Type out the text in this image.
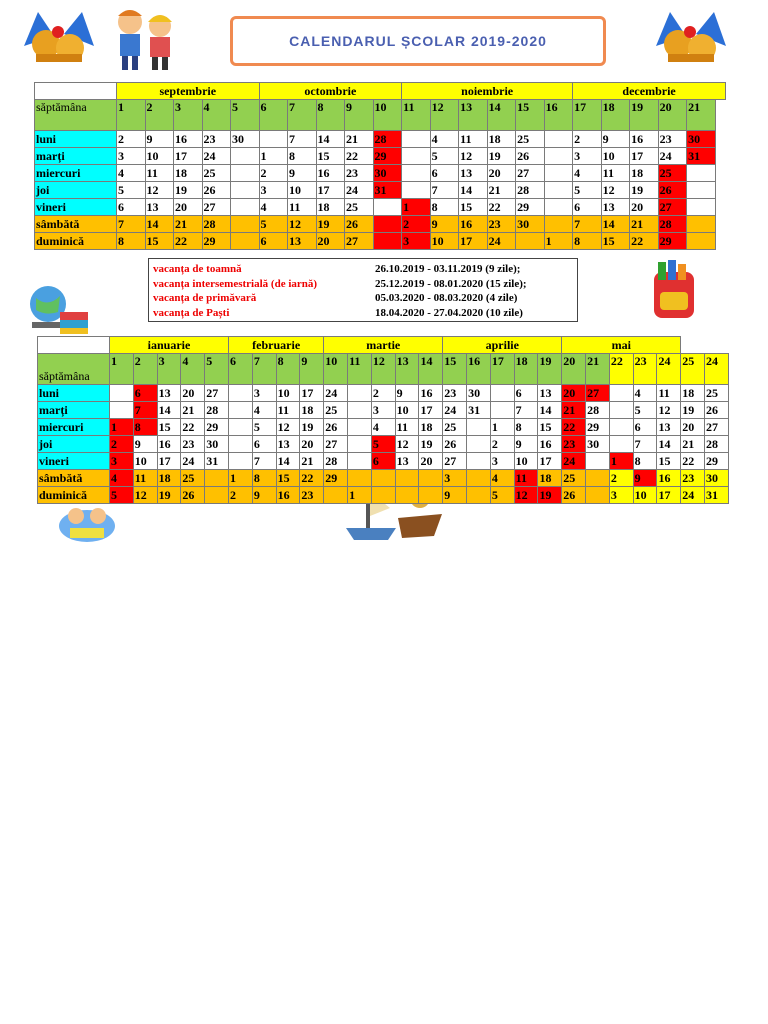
CALENDARUL ȘCOLAR 2019-2020
	septembrie					octombrie					noiembrie						decembrie				
săptămâna	1	2	3	4	5	6	7	8	9	10	11	12	13	14	15	16	17	18	19	20	21
luni	2	9	16	23	30		7	14	21	28		4	11	18	25		2	9	16	23	30
marți	3	10	17	24		1	8	15	22	29		5	12	19	26		3	10	17	24	31
miercuri	4	11	18	25		2	9	16	23	30		6	13	20	27		4	11	18	25	
joi	5	12	19	26		3	10	17	24	31		7	14	21	28		5	12	19	26	
vineri	6	13	20	27		4	11	18	25		1	8	15	22	29		6	13	20	27	
sâmbătă	7	14	21	28		5	12	19	26		2	9	16	23	30		7	14	21	28	
duminică	8	15	22	29		6	13	20	27		3	10	17	24		1	8	15	22	29	
vacanța de toamnă	26.10.2019 - 03.11.2019 (9 zile);
vacanța intersemestrială (de iarnă)	25.12.2019 - 08.01.2020 (15 zile);
vacanța de primăvară	05.03.2020 - 08.03.2020 (4 zile)
vacanța de Paști	18.04.2020 - 27.04.2020 (10 zile)
	ianuarie					februarie				martie					aprilie					mai						
săptămâna	1	2	3	4	5	6	7	8	9	10	11	12	13	14	15	16	17	18	19	20	21	22	23	24	25	24
luni		6	13	20	27		3	10	17	24		2	9	16	23	30		6	13	20	27		4	11	18	25
marți		7	14	21	28		4	11	18	25		3	10	17	24	31		7	14	21	28		5	12	19	26
miercuri	1	8	15	22	29		5	12	19	26		4	11	18	25		1	8	15	22	29		6	13	20	27
joi	2	9	16	23	30		6	13	20	27		5	12	19	26		2	9	16	23	30		7	14	21	28
vineri	3	10	17	24	31		7	14	21	28		6	13	20	27		3	10	17	24		1	8	15	22	29
sâmbătă	4	11	18	25		1	8	15	22	29					3		4	11	18	25		2	9	16	23	30
duminică	5	12	19	26		2	9	16	23		1				9		5	12	19	26		3	10	17	24	31
